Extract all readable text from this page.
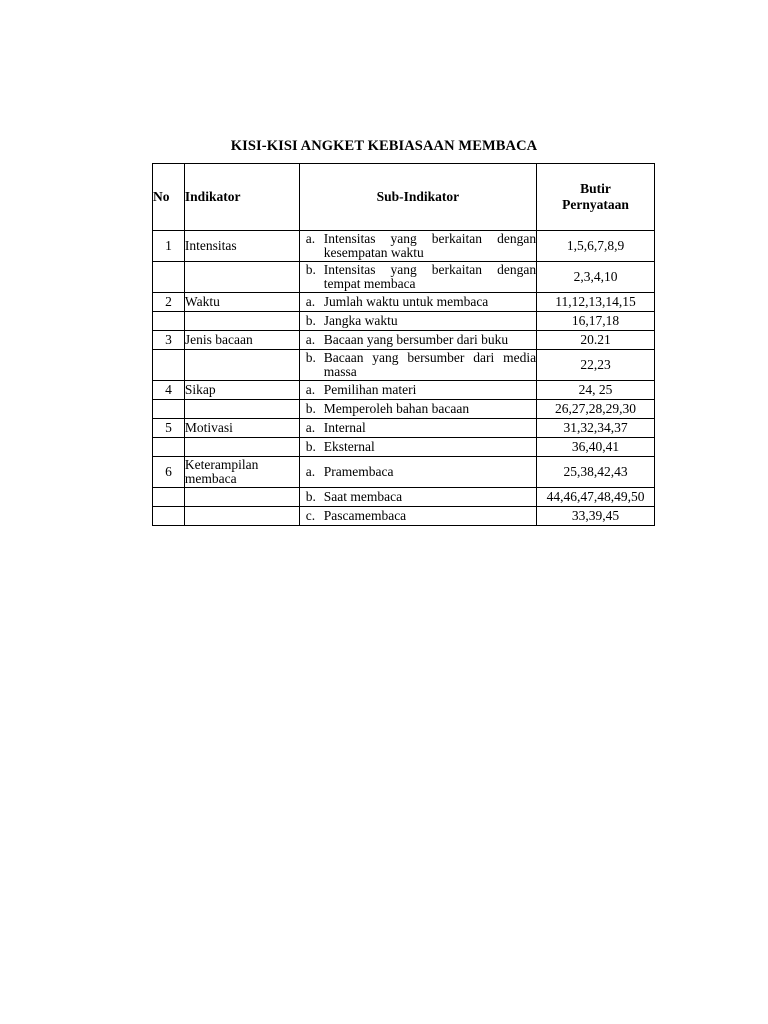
KISI-KISI ANGKET KEBIASAAN MEMBACA
No	Indikator	Sub-Indikator	Butir
Pernyataan
1	Intensitas	a. Intensitas yang berkaitan dengan kesempatan waktu	1,5,6,7,8,9

		b. Intensitas yang berkaitan dengan tempat membaca	2,3,4,10
2	Waktu	a. Jumlah waktu untuk membaca	11,12,13,14,15

		b. Jangka waktu	16,17,18
3	Jenis bacaan	a. Bacaan yang bersumber dari buku	20.21

		b. Bacaan yang bersumber dari media massa	22,23
4	Sikap	a. Pemilihan materi	24, 25

		b. Memperoleh bahan bacaan	26,27,28,29,30
5	Motivasi	a. Internal	31,32,34,37

		b. Eksternal	36,40,41
6	Keterampilan membaca	a. Pramembaca	25,38,42,43

		b. Saat membaca	44,46,47,48,49,50

		c. Pascamembaca	33,39,45
